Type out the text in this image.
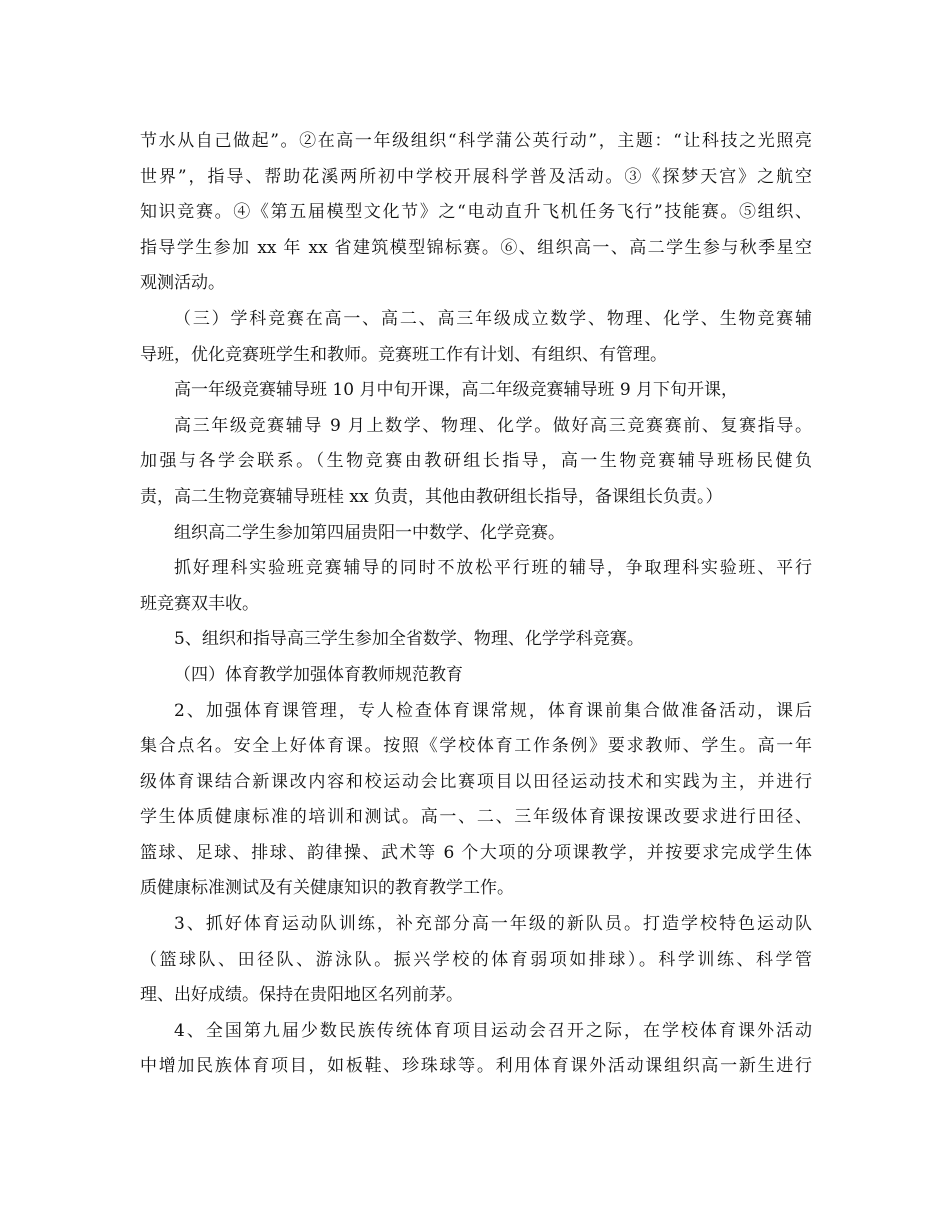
节水从自己做起”。②在高一年级组织“科学蒲公英行动”，主题：“让科技之光照亮
世界”，指导、帮助花溪两所初中学校开展科学普及活动。③《探梦天宫》之航空
知识竞赛。④《第五届模型文化节》之“电动直升飞机任务飞行”技能赛。⑤组织、
指导学生参加 xx 年 xx 省建筑模型锦标赛。⑥、组织高一、高二学生参与秋季星空
观测活动。
（三）学科竞赛在高一、高二、高三年级成立数学、物理、化学、生物竞赛辅
导班，优化竞赛班学生和教师。竞赛班工作有计划、有组织、有管理。
高一年级竞赛辅导班 10 月中旬开课，高二年级竞赛辅导班 9 月下旬开课，
高三年级竞赛辅导 9 月上数学、物理、化学。做好高三竞赛赛前、复赛指导。
加强与各学会联系。（生物竞赛由教研组长指导，高一生物竞赛辅导班杨民健负
责，高二生物竞赛辅导班桂 xx 负责，其他由教研组长指导，备课组长负责。）
组织高二学生参加第四届贵阳一中数学、化学竞赛。
抓好理科实验班竞赛辅导的同时不放松平行班的辅导，争取理科实验班、平行
班竞赛双丰收。
5、组织和指导高三学生参加全省数学、物理、化学学科竞赛。
（四）体育教学加强体育教师规范教育
2、加强体育课管理，专人检查体育课常规，体育课前集合做准备活动，课后
集合点名。安全上好体育课。按照《学校体育工作条例》要求教师、学生。高一年
级体育课结合新课改内容和校运动会比赛项目以田径运动技术和实践为主，并进行
学生体质健康标准的培训和测试。高一、二、三年级体育课按课改要求进行田径、
篮球、足球、排球、韵律操、武术等 6 个大项的分项课教学，并按要求完成学生体
质健康标准测试及有关健康知识的教育教学工作。
3、抓好体育运动队训练，补充部分高一年级的新队员。打造学校特色运动队
（篮球队、田径队、游泳队。振兴学校的体育弱项如排球）。科学训练、科学管
理、出好成绩。保持在贵阳地区名列前茅。
4、全国第九届少数民族传统体育项目运动会召开之际，在学校体育课外活动
中增加民族体育项目，如板鞋、珍珠球等。利用体育课外活动课组织高一新生进行
